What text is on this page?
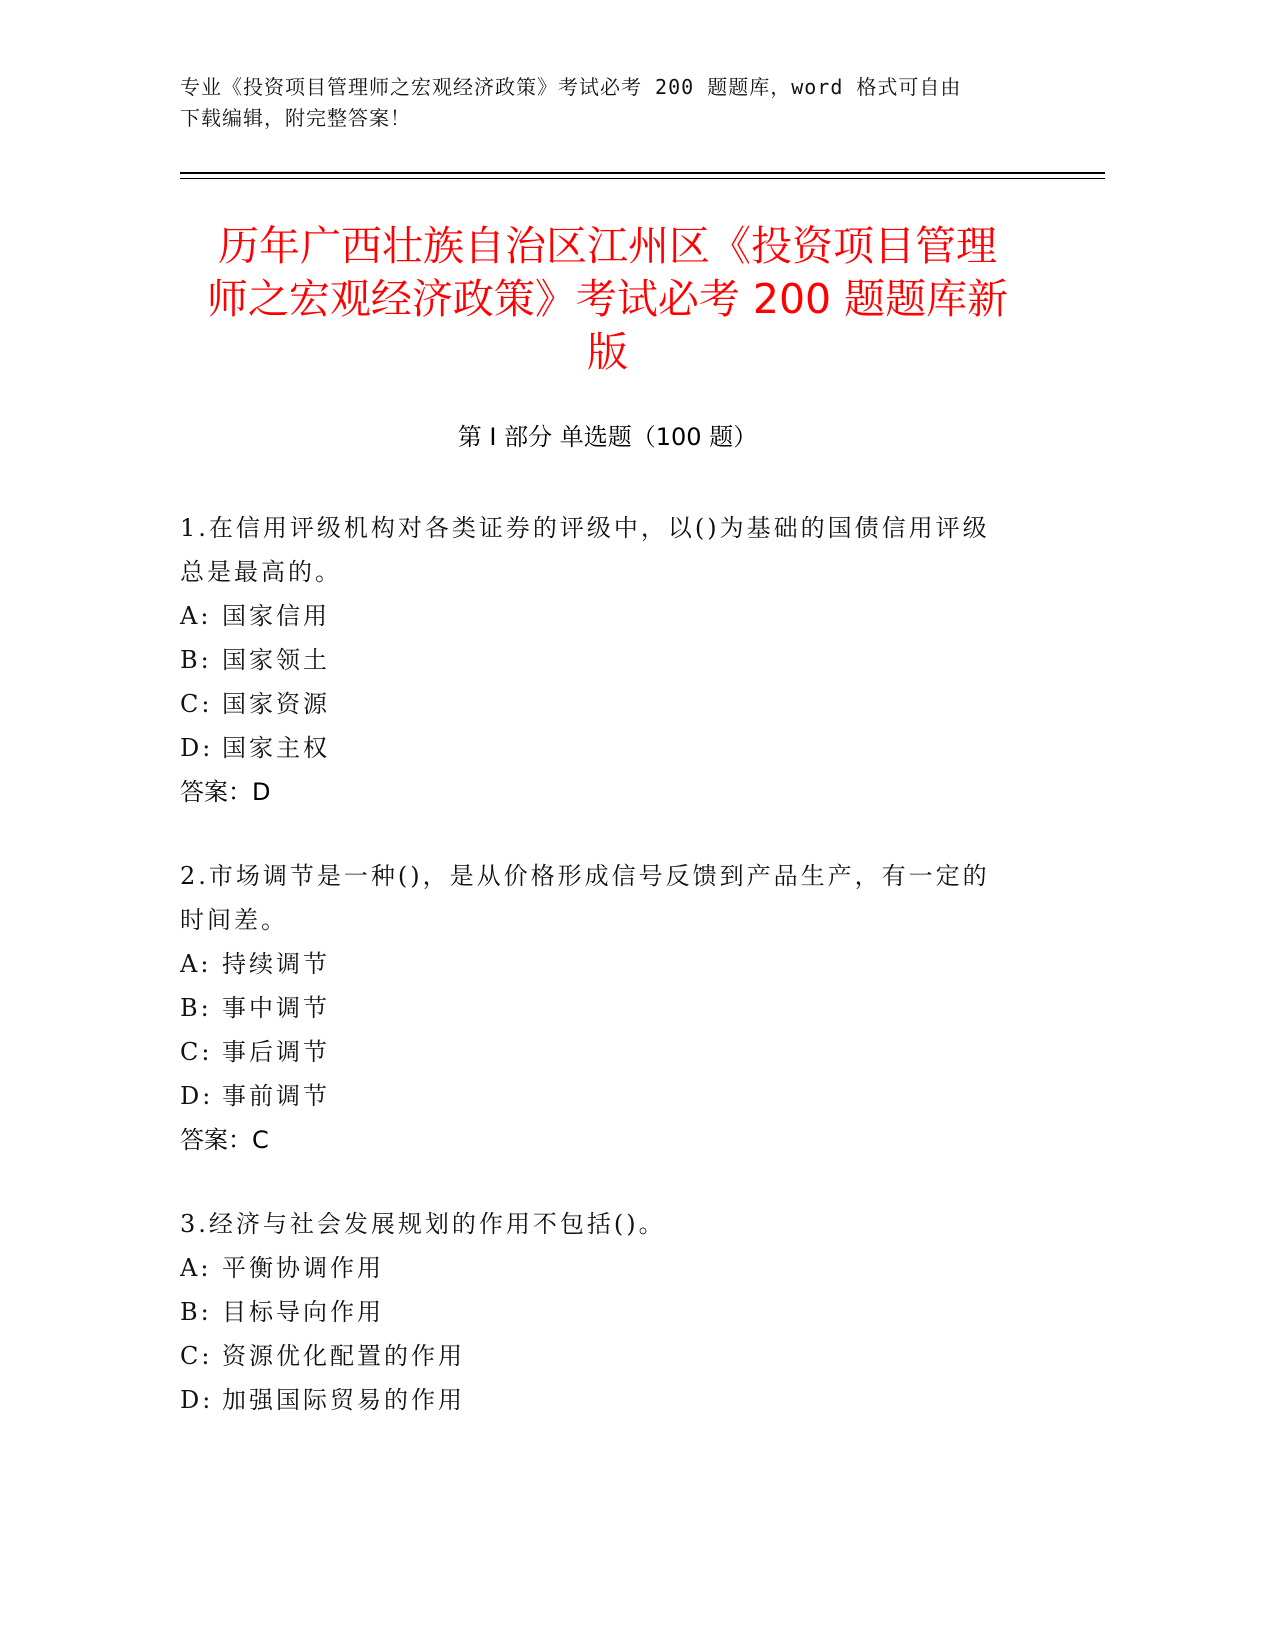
专业《投资项目管理师之宏观经济政策》考试必考 200 题题库，word 格式可自由
下载编辑，附完整答案！
历年广西壮族自治区江州区《投资项目管理
师之宏观经济政策》考试必考 200 题题库新
版
第 I 部分 单选题（100 题）
1.在信用评级机构对各类证券的评级中，以()为基础的国债信用评级
总是最高的。
A: 国家信用
B: 国家领土
C: 国家资源
D: 国家主权
答案：D
2.市场调节是一种()，是从价格形成信号反馈到产品生产，有一定的
时间差。
A: 持续调节
B: 事中调节
C: 事后调节
D: 事前调节
答案：C
3.经济与社会发展规划的作用不包括()。
A: 平衡协调作用
B: 目标导向作用
C: 资源优化配置的作用
D: 加强国际贸易的作用
